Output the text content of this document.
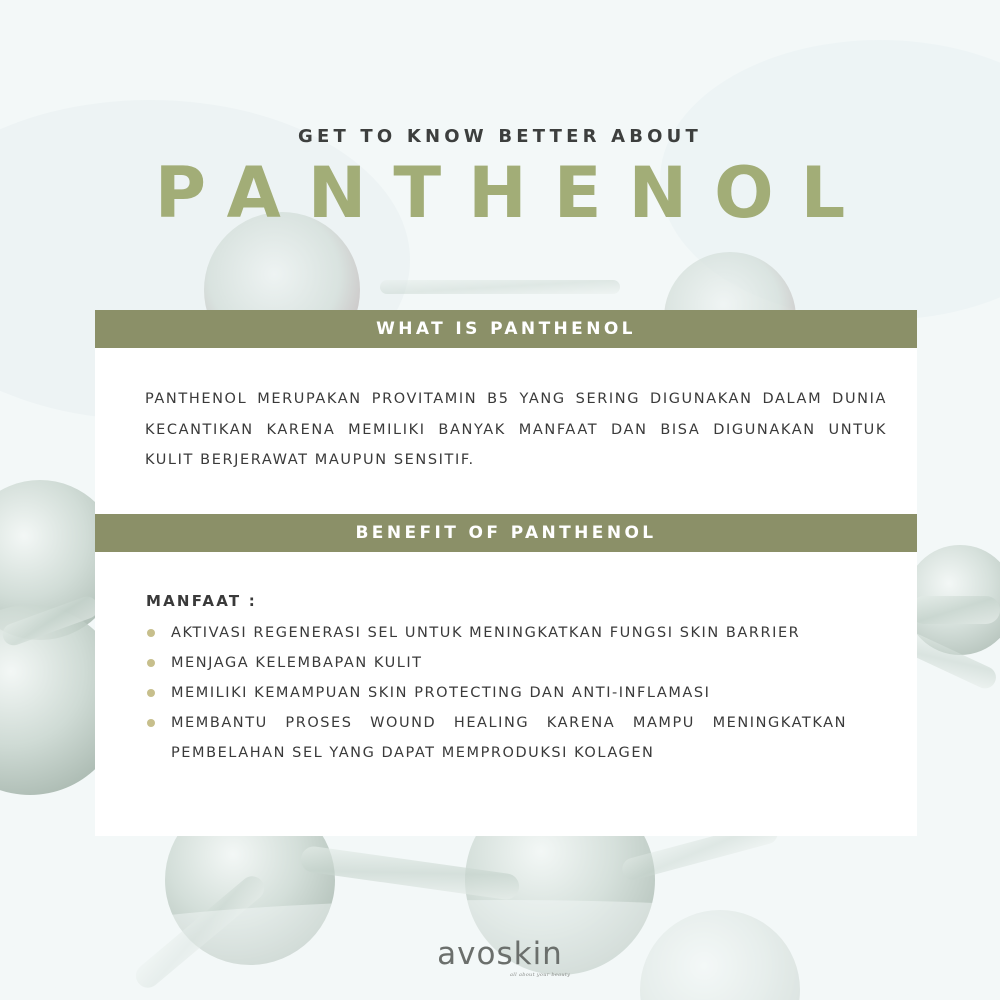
GET TO KNOW BETTER ABOUT
PANTHENOL
WHAT IS PANTHENOL

PANTHENOL MERUPAKAN PROVITAMIN B5 YANG SERING DIGUNAKAN DALAM DUNIA KECANTIKAN KARENA MEMILIKI BANYAK MANFAAT DAN BISA DIGUNAKAN UNTUK KULIT BERJERAWAT MAUPUN SENSITIF.

BENEFIT OF PANTHENOL
MANFAAT :
AKTIVASI REGENERASI SEL UNTUK MENINGKATKAN FUNGSI SKIN BARRIER
MENJAGA KELEMBAPAN KULIT
MEMILIKI KEMAMPUAN SKIN PROTECTING DAN ANTI-INFLAMASI
MEMBANTU PROSES WOUND HEALING KARENA MAMPU MENINGKATKAN PEMBELAHAN SEL YANG DAPAT MEMPRODUKSI KOLAGEN
avoskin
all about your beauty
